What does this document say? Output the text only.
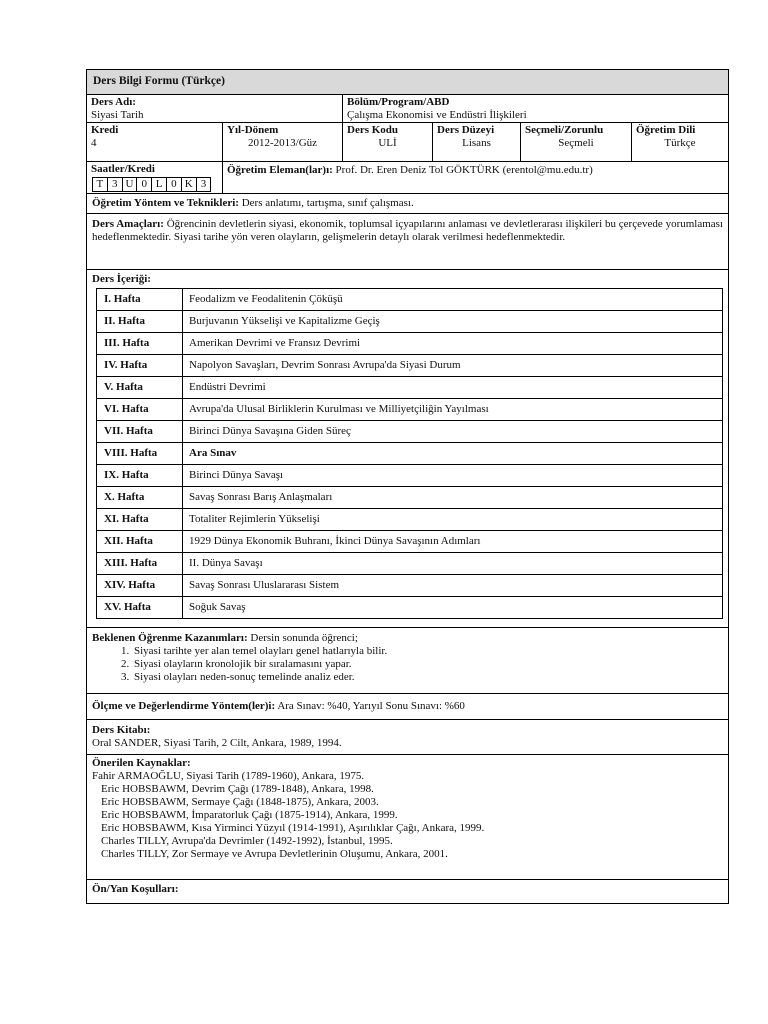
Ders Bilgi Formu (Türkçe)
Ders Adı:
Siyasi Tarih
Bölüm/Program/ABD
Çalışma Ekonomisi ve Endüstri İlişkileri
Kredi
4
Yıl-Dönem
2012-2013/Güz
Ders Kodu
ULİ
Ders Düzeyi
Lisans
Seçmeli/Zorunlu
Seçmeli
Öğretim Dili
Türkçe
Saatler/Kredi
T 3 U 0 L 0 K 3
Öğretim Eleman(lar)ı: Prof. Dr. Eren Deniz Tol GÖKTÜRK (erentol@mu.edu.tr)
Öğretim Yöntem ve Teknikleri: Ders anlatımı, tartışma, sınıf çalışması.
Ders Amaçları: Öğrencinin devletlerin siyasi, ekonomik, toplumsal içyapılarını anlaması ve devletlerarası ilişkileri bu çerçevede yorumlaması hedeflenmektedir. Siyasi tarihe yön veren olayların, gelişmelerin detaylı olarak verilmesi hedeflenmektedir.
Ders İçeriği:
I. Hafta	Feodalizm ve Feodalitenin Çöküşü
II. Hafta	Burjuvanın Yükselişi ve Kapitalizme Geçiş
III. Hafta	Amerikan Devrimi ve Fransız Devrimi
IV. Hafta	Napolyon Savaşları, Devrim Sonrası Avrupa'da Siyasi Durum
V. Hafta	Endüstri Devrimi
VI. Hafta	Avrupa'da Ulusal Birliklerin Kurulması ve Milliyetçiliğin Yayılması
VII. Hafta	Birinci Dünya Savaşına Giden Süreç
VIII. Hafta	Ara Sınav
IX. Hafta	Birinci Dünya Savaşı
X. Hafta	Savaş Sonrası Barış Anlaşmaları
XI. Hafta	Totaliter Rejimlerin Yükselişi
XII. Hafta	1929 Dünya Ekonomik Buhranı, İkinci Dünya Savaşının Adımları
XIII. Hafta	II. Dünya Savaşı
XIV. Hafta	Savaş Sonrası Uluslararası Sistem
XV. Hafta	Soğuk Savaş
Beklenen Öğrenme Kazanımları: Dersin sonunda öğrenci;
1. Siyasi tarihte yer alan temel olayları genel hatlarıyla bilir.
2. Siyasi olayların kronolojik bir sıralamasını yapar.
3. Siyasi olayları neden-sonuç temelinde analiz eder.
Ölçme ve Değerlendirme Yöntem(ler)i: Ara Sınav: %40, Yarıyıl Sonu Sınavı: %60
Ders Kitabı:
Oral SANDER, Siyasi Tarih, 2 Cilt, Ankara, 1989, 1994.
Önerilen Kaynaklar:
Fahir ARMAOĞLU, Siyasi Tarih (1789-1960), Ankara, 1975.
Eric HOBSBAWM, Devrim Çağı (1789-1848), Ankara, 1998.
Eric HOBSBAWM, Sermaye Çağı (1848-1875), Ankara, 2003.
Eric HOBSBAWM, İmparatorluk Çağı (1875-1914), Ankara, 1999.
Eric HOBSBAWM, Kısa Yirminci Yüzyıl (1914-1991), Aşırılıklar Çağı, Ankara, 1999.
Charles TILLY, Avrupa'da Devrimler (1492-1992), İstanbul, 1995.
Charles TILLY, Zor Sermaye ve Avrupa Devletlerinin Oluşumu, Ankara, 2001.
Ön/Yan Koşulları:
